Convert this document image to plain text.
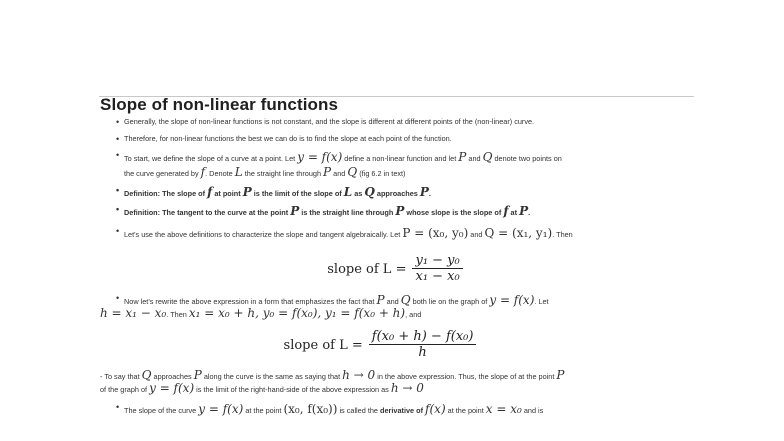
Slope of non-linear functions
• Generally, the slope of non-linear functions is not constant, and the slope is different at different points of the (non-linear) curve.
• Therefore, for non-linear functions the best we can do is to find the slope at each point of the function.
• To start, we define the slope of a curve at a point. Let y = f(x) define a non-linear function and let P and Q denote two points on
the curve generated by f. Denote L the straight line through P and Q (fig 6.2 in text)
• Definition: The slope of f at point P is the limit of the slope of L as Q approaches P.
• Definition: The tangent to the curve at the point P is the straight line through P whose slope is the slope of f at P.
• Let's use the above definitions to characterize the slope and tangent algebraically. Let P = (x₀, y₀) and Q = (x₁, y₁). Then
slope of $L = \frac{\text{y₁ − y₀}}{\text{x₁ − x₀}}$
• Now let's rewrite the above expression in a form that emphasizes the fact that P and Q both lie on the graph of y = f(x). Let
h = x₁ − x₀. Then x₁ = x₀ + h, y₀ = f(x₀), y₁ = f(x₀ + h), and
slope of $L = \frac{\text{f(x₀ + h) − f(x₀)}}{h}$
- To say that Q approaches P along the curve is the same as saying that h → 0 in the above expression. Thus, the slope of at the point P
of the graph of y = f(x) is the limit of the right-hand-side of the above expression as h → 0
• The slope of the curve y = f(x) at the point (x₀, f(x₀)) is called the derivative of f(x) at the point x = x₀ and is
